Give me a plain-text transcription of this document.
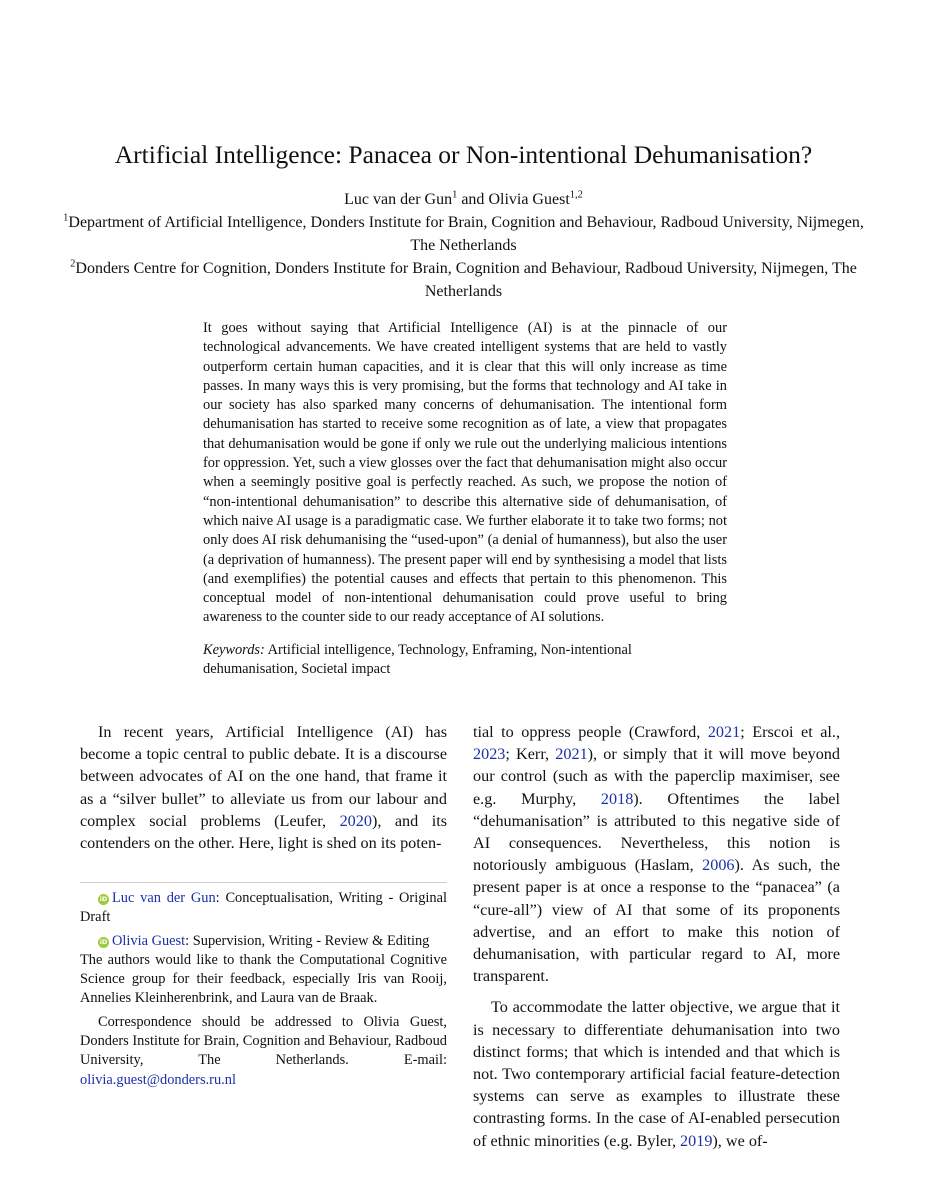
Artificial Intelligence: Panacea or Non-intentional Dehumanisation?
Luc van der Gun$^1$ and Olivia Guest$^{1,2}$
$^1$Department of Artificial Intelligence, Donders Institute for Brain, Cognition and Behaviour, Radboud University, Nijmegen, The Netherlands
$^2$Donders Centre for Cognition, Donders Institute for Brain, Cognition and Behaviour, Radboud University, Nijmegen, The Netherlands
It goes without saying that Artificial Intelligence (AI) is at the pinnacle of our technological advancements. We have created intelligent systems that are held to vastly outperform certain human capacities, and it is clear that this will only increase as time passes. In many ways this is very promising, but the forms that technology and AI take in our society has also sparked many concerns of dehumanisation. The intentional form dehumanisation has started to receive some recognition as of late, a view that propagates that dehumanisation would be gone if only we rule out the underlying malicious intentions for oppression. Yet, such a view glosses over the fact that dehumanisation might also occur when a seemingly positive goal is perfectly reached. As such, we propose the notion of “non-intentional dehumanisation” to describe this alternative side of dehumanisation, of which naive AI usage is a paradigmatic case. We further elaborate it to take two forms; not only does AI risk dehumanising the “used-upon” (a denial of humanness), but also the user (a deprivation of humanness). The present paper will end by synthesising a model that lists (and exemplifies) the potential causes and effects that pertain to this phenomenon. This conceptual model of non-intentional dehumanisation could prove useful to bring awareness to the counter side to our ready acceptance of AI solutions.
Keywords: Artificial intelligence, Technology, Enframing, Non-intentional dehumanisation, Societal impact

In recent years, Artificial Intelligence (AI) has become a topic central to public debate. It is a discourse between advocates of AI on the one hand, that frame it as a “silver bullet” to alleviate us from our labour and complex social problems (Leufer, 2020), and its contenders on the other. Here, light is shed on its poten-

iD Luc van der Gun: Conceptualisation, Writing - Original Draft
iD Olivia Guest: Supervision, Writing - Review & Editing
The authors would like to thank the Computational Cognitive Science group for their feedback, especially Iris van Rooij, Annelies Kleinherenbrink, and Laura van de Braak.
Correspondence should be addressed to Olivia Guest, Donders Institute for Brain, Cognition and Behaviour, Radboud University, The Netherlands. E-mail: olivia.guest@donders.ru.nl

tial to oppress people (Crawford, 2021; Erscoi et al., 2023; Kerr, 2021), or simply that it will move beyond our control (such as with the paperclip maximiser, see e.g. Murphy, 2018). Oftentimes the label “dehumanisation” is attributed to this negative side of AI consequences. Nevertheless, this notion is notoriously ambiguous (Haslam, 2006). As such, the present paper is at once a response to the “panacea” (a “cure-all”) view of AI that some of its proponents advertise, and an effort to make this notion of dehumanisation, with particular regard to AI, more transparent.

To accommodate the latter objective, we argue that it is necessary to differentiate dehumanisation into two distinct forms; that which is intended and that which is not. Two contemporary artificial facial feature-detection systems can serve as examples to illustrate these contrasting forms. In the case of AI-enabled persecution of ethnic minorities (e.g. Byler, 2019), we of-
